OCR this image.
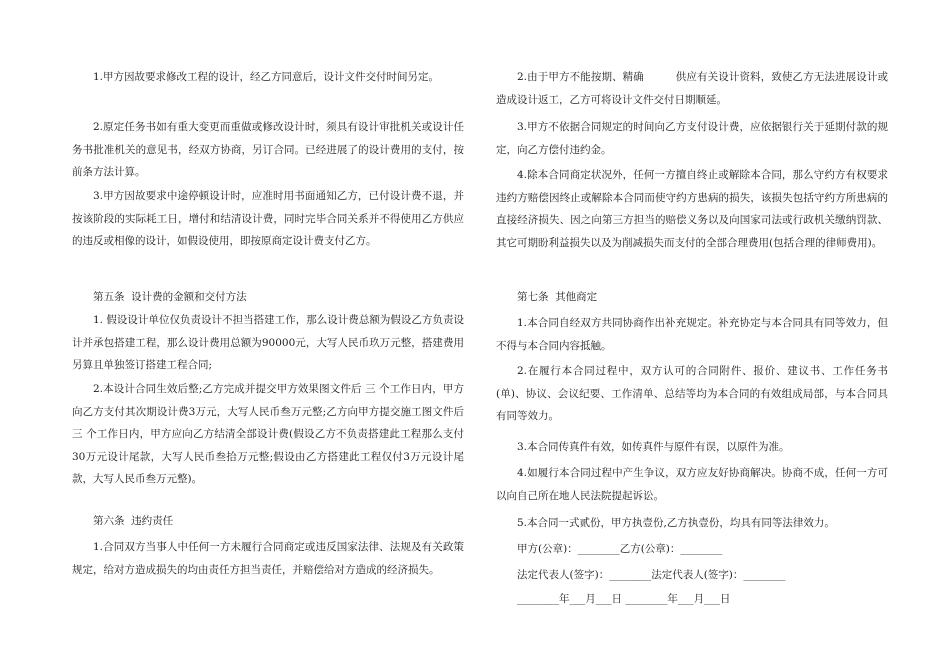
1.甲方因故要求修改工程的设计，经乙方同意后，设计文件交付时间另定。

2.原定任务书如有重大变更而重做或修改设计时，须具有设计审批机关或设计任务书批准机关的意见书，经双方协商，另订合同。已经进展了的设计费用的支付，按前条方法计算。

3.甲方因故要求中途停顿设计时，应准时用书面通知乙方，已付设计费不退，并按该阶段的实际耗工日，增付和结清设计费，同时完毕合同关系并不得使用乙方供应的违反或相像的设计，如假设使用，即按原商定设计费支付乙方。

第五条  设计费的金额和交付方法

1. 假设设计单位仅负责设计不担当搭建工作，那么设计费总额为假设乙方负责设计并承包搭建工程，那么设计费用总额为90000元，大写人民币玖万元整，搭建费用另算且单独签订搭建工程合同;

2.本设计合同生效后整;乙方完成并提交甲方效果图文件后 三 个工作日内，甲方向乙方支付其次期设计费3万元，大写人民币叁万元整;乙方向甲方提交施工图文件后 三 个工作日内，甲方应向乙方结清全部设计费(假设乙方不负责搭建此工程那么支付30万元设计尾款，大写人民币叁拾万元整;假设由乙方搭建此工程仅付3万元设计尾款，大写人民币叁万元整)。

第六条  违约责任

1.合同双方当事人中任何一方未履行合同商定或违反国家法律、法规及有关政策规定，给对方造成损失的均由责任方担当责任，并赔偿给对方造成的经济损失。

2.由于甲方不能按期、精确　　　供应有关设计资料，致使乙方无法进展设计或造成设计返工，乙方可将设计文件交付日期顺延。

3.甲方不依据合同规定的时间向乙方支付设计费，应依据银行关于延期付款的规定，向乙方偿付违约金。

4.除本合同商定状况外，任何一方擅自终止或解除本合同，那么守约方有权要求违约方赔偿因终止或解除本合同而使守约方患病的损失，该损失包括守约方所患病的直接经济损失、因之向第三方担当的赔偿义务以及向国家司法或行政机关缴纳罚款、其它可期盼利益损失以及为削减损失而支付的全部合理费用(包括合理的律师费用)。

第七条  其他商定

1.本合同自经双方共同协商作出补充规定。补充协定与本合同具有同等效力，但不得与本合同内容抵触。

2.在履行本合同过程中，双方认可的合同附件、报价、建议书、工作任务书(单)、协议、会议纪要、工作清单、总结等均为本合同的有效组成局部，与本合同具有同等效力。

3.本合同传真件有效，如传真件与原件有误，以原件为准。

4.如履行本合同过程中产生争议，双方应友好协商解决。协商不成，任何一方可以向自己所在地人民法院提起诉讼。

5.本合同一式贰份，甲方执壹份,乙方执壹份，均具有同等法律效力。

甲方(公章)：________乙方(公章)：________

法定代表人(签字)：________法定代表人(签字)：________

________年___月___日 ________年___月___日
